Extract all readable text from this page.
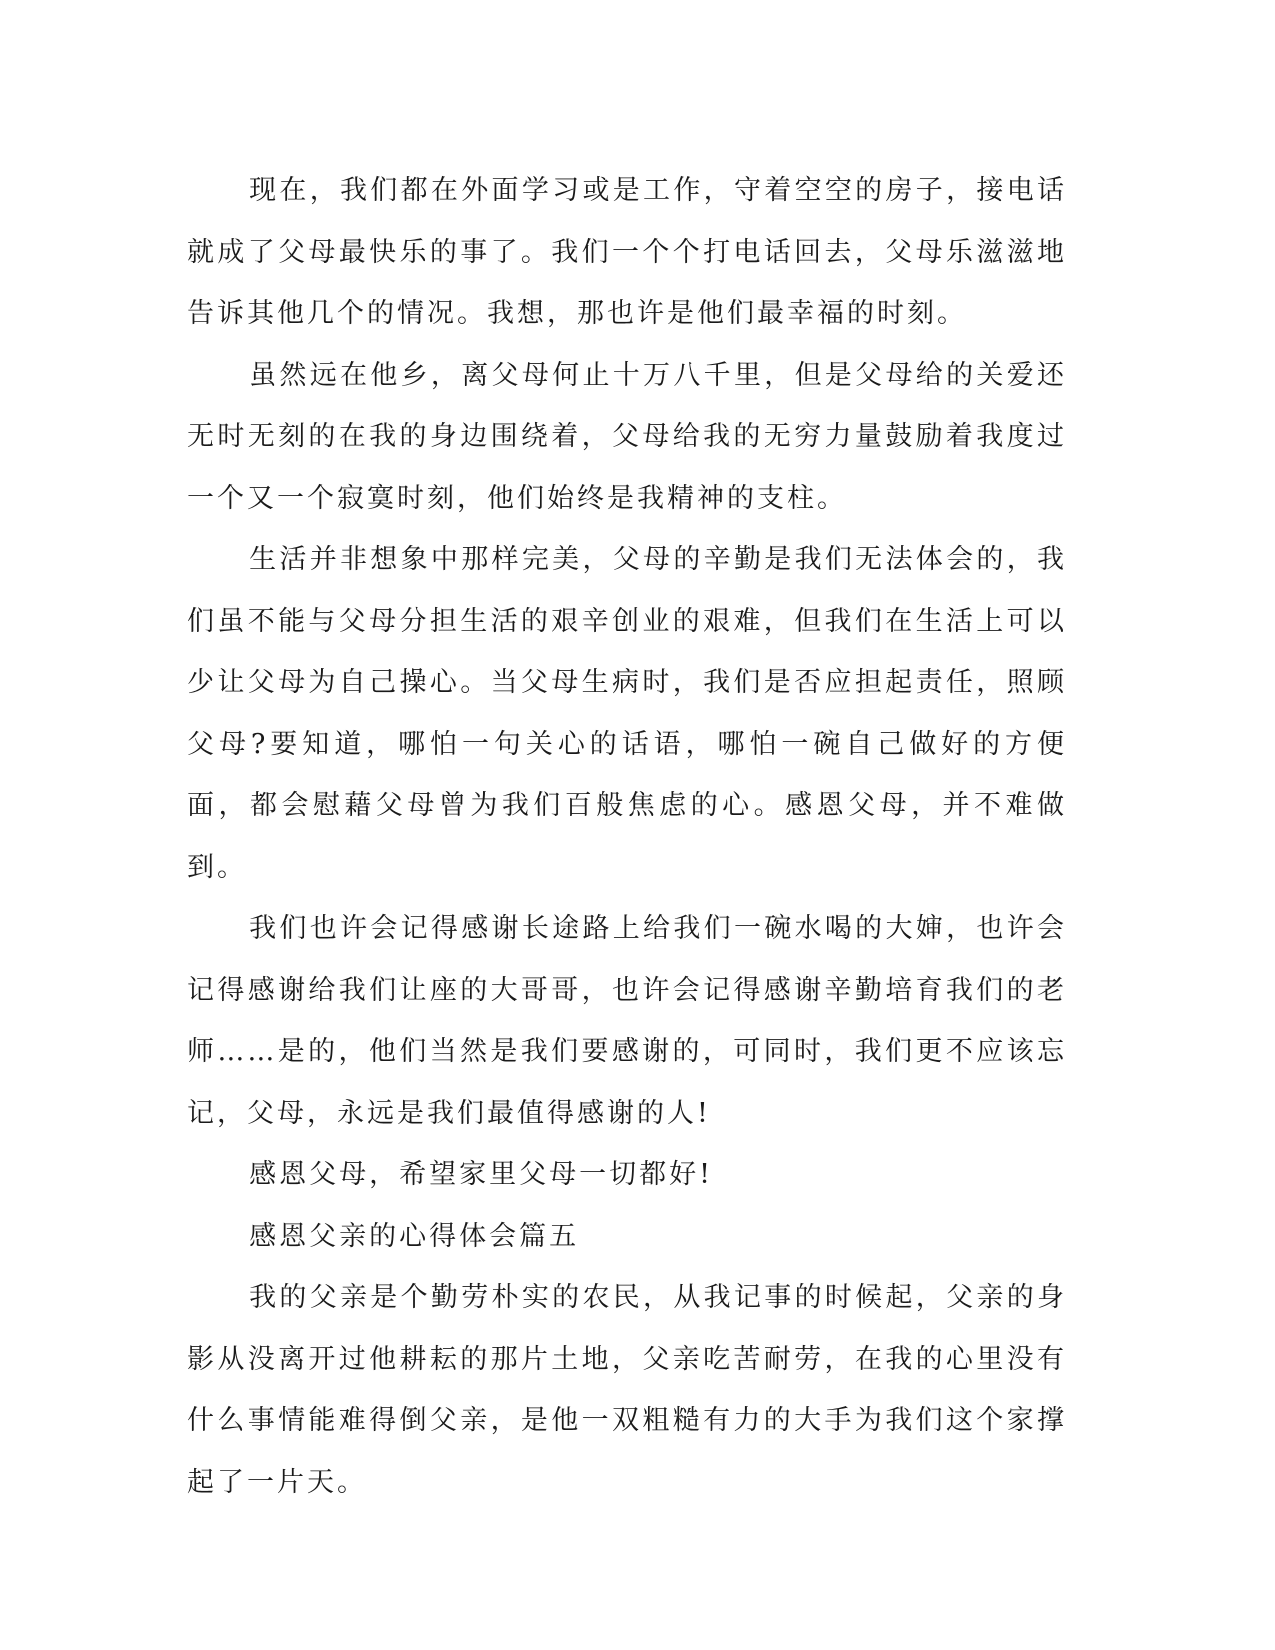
现在，我们都在外面学习或是工作，守着空空的房子，接电话就成了父母最快乐的事了。我们一个个打电话回去，父母乐滋滋地告诉其他几个的情况。我想，那也许是他们最幸福的时刻。

虽然远在他乡，离父母何止十万八千里，但是父母给的关爱还无时无刻的在我的身边围绕着，父母给我的无穷力量鼓励着我度过一个又一个寂寞时刻，他们始终是我精神的支柱。

生活并非想象中那样完美，父母的辛勤是我们无法体会的，我们虽不能与父母分担生活的艰辛创业的艰难，但我们在生活上可以少让父母为自己操心。当父母生病时，我们是否应担起责任，照顾父母?要知道，哪怕一句关心的话语，哪怕一碗自己做好的方便面，都会慰藉父母曾为我们百般焦虑的心。感恩父母，并不难做到。

我们也许会记得感谢长途路上给我们一碗水喝的大婶，也许会记得感谢给我们让座的大哥哥，也许会记得感谢辛勤培育我们的老师……是的，他们当然是我们要感谢的，可同时，我们更不应该忘记，父母，永远是我们最值得感谢的人!

感恩父母，希望家里父母一切都好!

感恩父亲的心得体会篇五

我的父亲是个勤劳朴实的农民，从我记事的时候起，父亲的身影从没离开过他耕耘的那片土地，父亲吃苦耐劳，在我的心里没有什么事情能难得倒父亲，是他一双粗糙有力的大手为我们这个家撑起了一片天。
